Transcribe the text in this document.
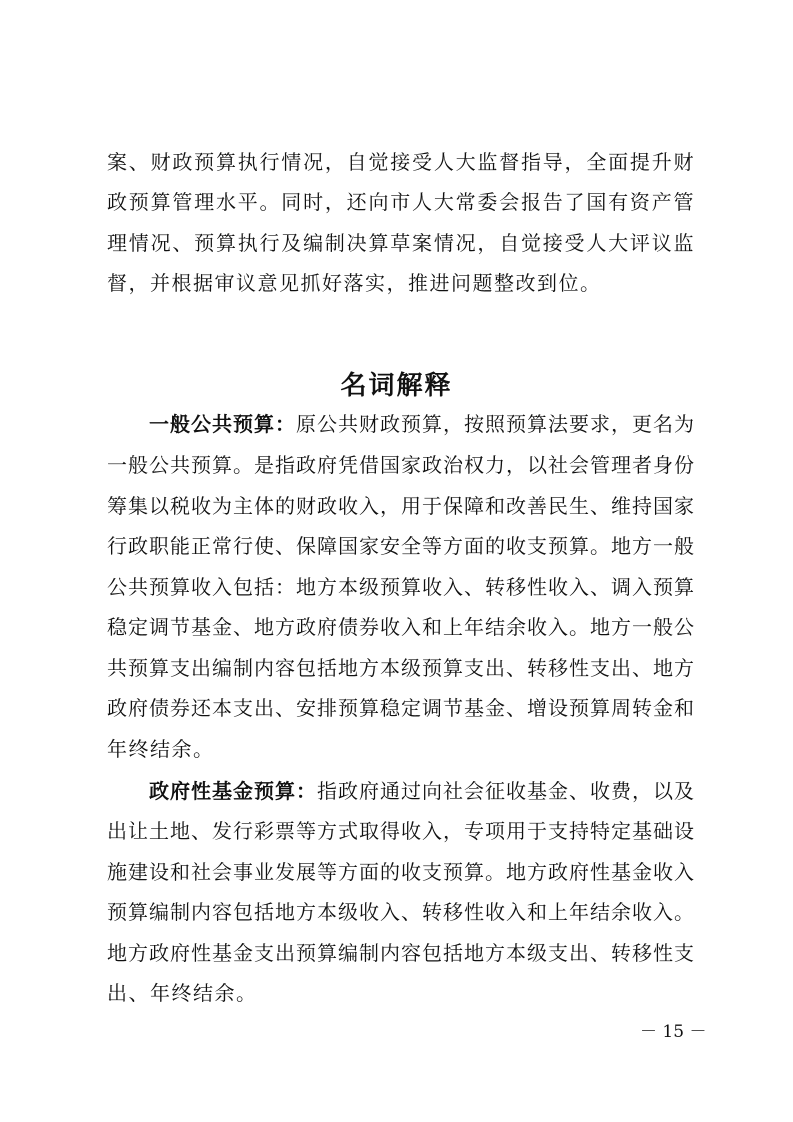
案、财政预算执行情况，自觉接受人大监督指导，全面提升财
政预算管理水平。同时，还向市人大常委会报告了国有资产管
理情况、预算执行及编制决算草案情况，自觉接受人大评议监
督，并根据审议意见抓好落实，推进问题整改到位。
名词解释
一般公共预算：原公共财政预算，按照预算法要求，更名为
一般公共预算。是指政府凭借国家政治权力，以社会管理者身份
筹集以税收为主体的财政收入，用于保障和改善民生、维持国家
行政职能正常行使、保障国家安全等方面的收支预算。地方一般
公共预算收入包括：地方本级预算收入、转移性收入、调入预算
稳定调节基金、地方政府债券收入和上年结余收入。地方一般公
共预算支出编制内容包括地方本级预算支出、转移性支出、地方
政府债券还本支出、安排预算稳定调节基金、增设预算周转金和
年终结余。
政府性基金预算：指政府通过向社会征收基金、收费，以及
出让土地、发行彩票等方式取得收入，专项用于支持特定基础设
施建设和社会事业发展等方面的收支预算。地方政府性基金收入
预算编制内容包括地方本级收入、转移性收入和上年结余收入。
地方政府性基金支出预算编制内容包括地方本级支出、转移性支
出、年终结余。
－ 15 －
